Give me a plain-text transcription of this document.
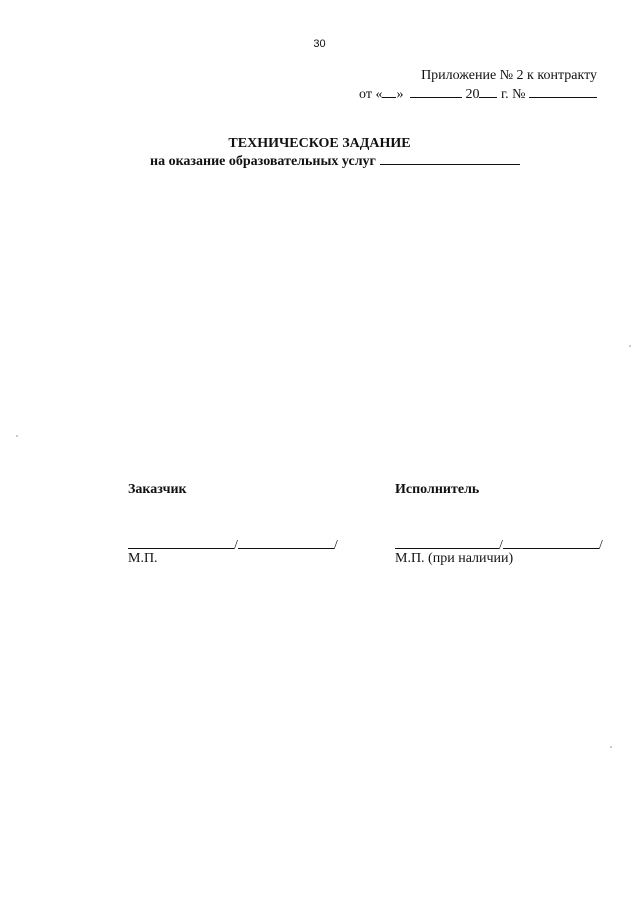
30
Приложение № 2 к контракту
от « »	20 г. №
ТЕХНИЧЕСКОЕ ЗАДАНИЕ
на оказание образовательных услуг
Заказчик
/	/
М.П.
Исполнитель
/	/
М.П. (при наличии)
